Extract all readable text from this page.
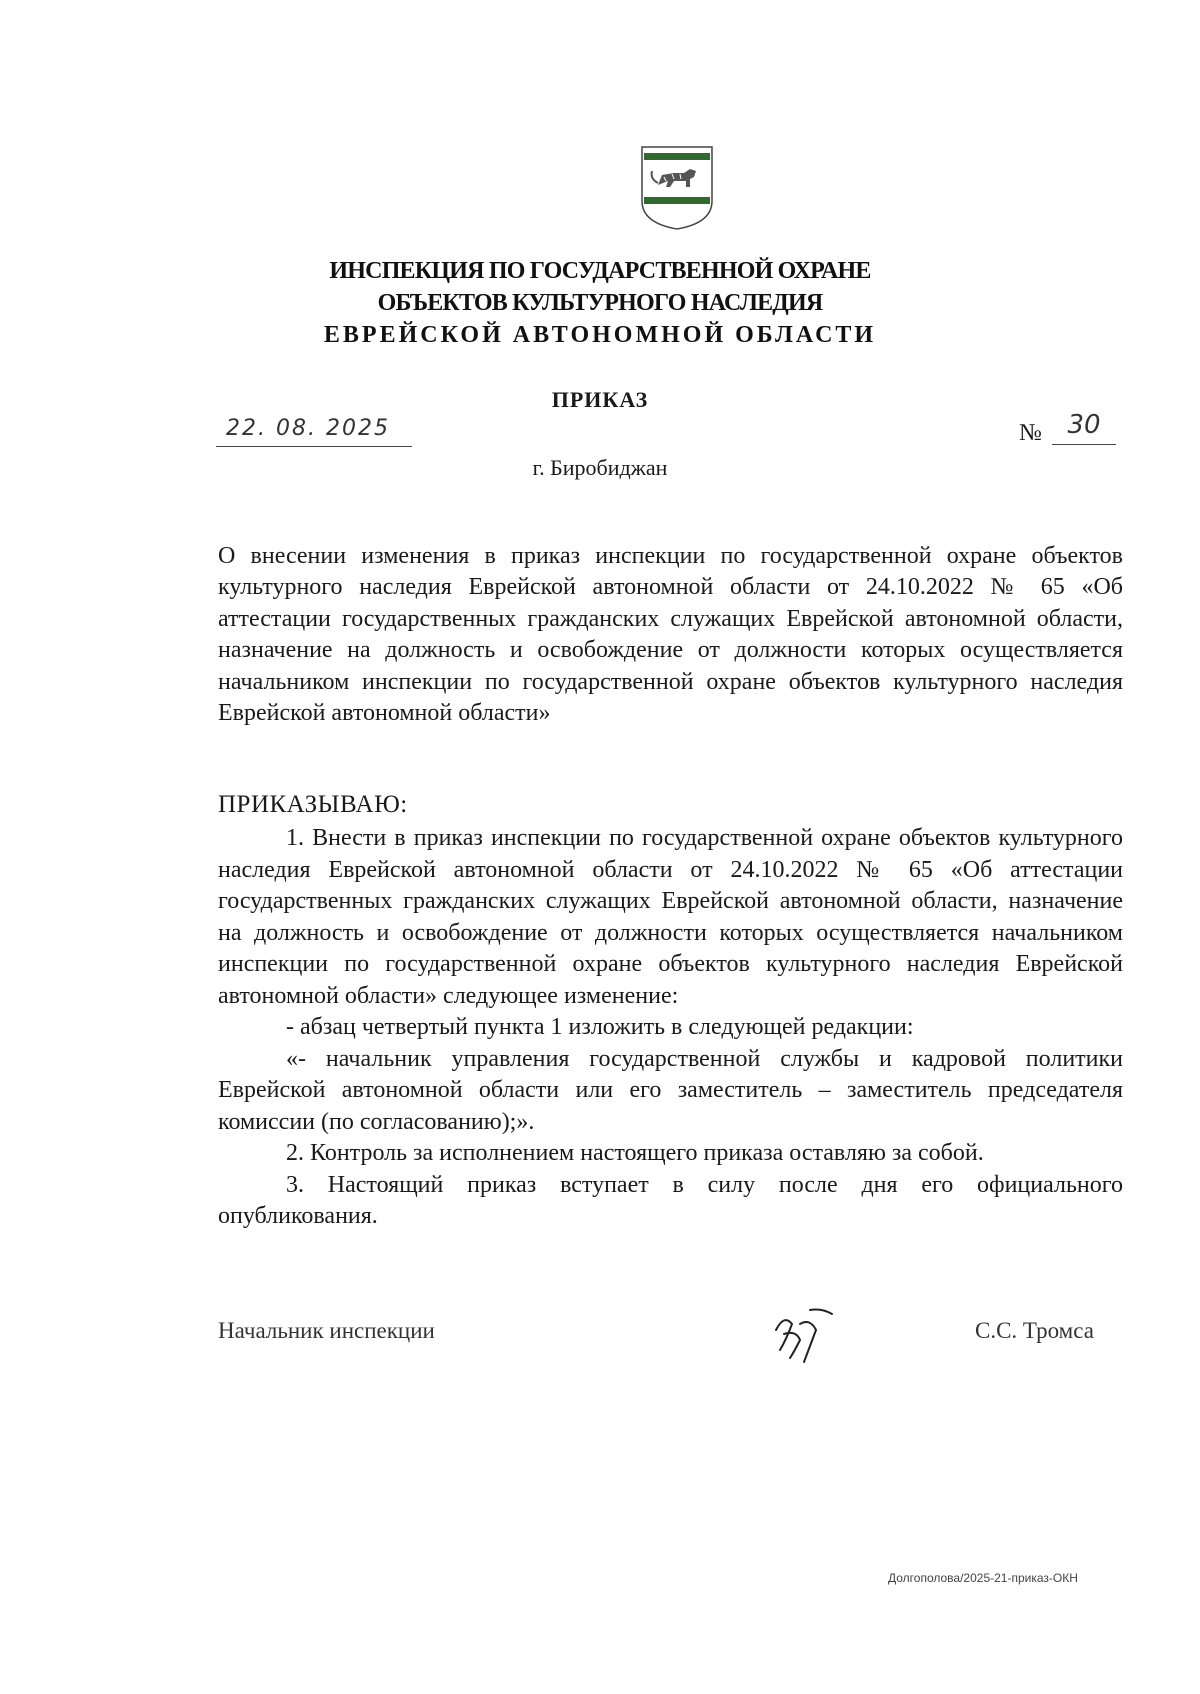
ИНСПЕКЦИЯ ПО ГОСУДАРСТВЕННОЙ ОХРАНЕ
ОБЪЕКТОВ КУЛЬТУРНОГО НАСЛЕДИЯ
ЕВРЕЙСКОЙ АВТОНОМНОЙ ОБЛАСТИ
ПРИКАЗ
22. 08. 2025	№ 30
г. Биробиджан
О внесении изменения в приказ инспекции по государственной охране объектов культурного наследия Еврейской автономной области от 24.10.2022 № 65 «Об аттестации государственных гражданских служащих Еврейской автономной области, назначение на должность и освобождение от должности которых осуществляется начальником инспекции по государственной охране объектов культурного наследия Еврейской автономной области»
ПРИКАЗЫВАЮ:

1. Внести в приказ инспекции по государственной охране объектов культурного наследия Еврейской автономной области от 24.10.2022 № 65 «Об аттестации государственных гражданских служащих Еврейской автономной области, назначение на должность и освобождение от должности которых осуществляется начальником инспекции по государственной охране объектов культурного наследия Еврейской автономной области» следующее изменение:

- абзац четвертый пункта 1 изложить в следующей редакции:

«- начальник управления государственной службы и кадровой политики Еврейской автономной области или его заместитель – заместитель председателя комиссии (по согласованию);».

2. Контроль за исполнением настоящего приказа оставляю за собой.

3. Настоящий приказ вступает в силу после дня его официального опубликования.

Начальник инспекции	С.С. Тромса
Долгополова/2025-21-приказ-ОКН
